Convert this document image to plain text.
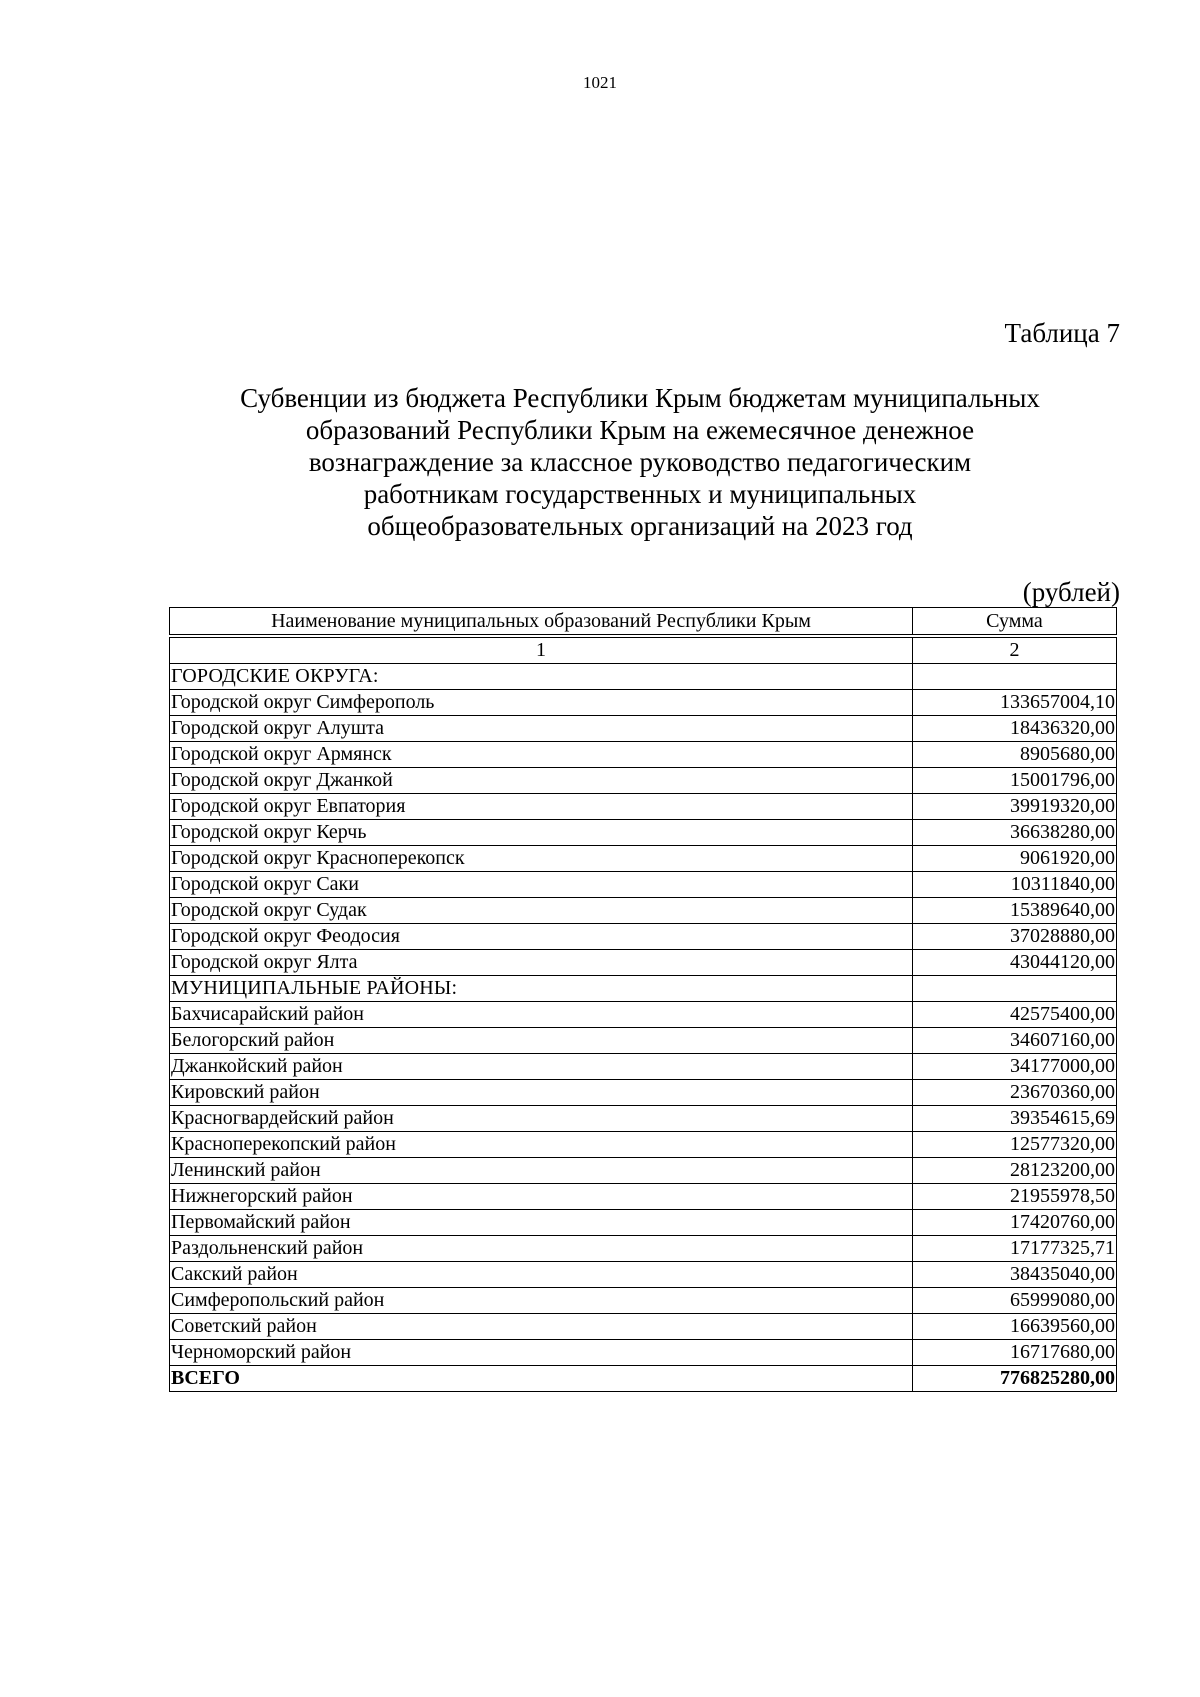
1021
Таблица 7
Субвенции из бюджета Республики Крым бюджетам муниципальных
образований Республики Крым на ежемесячное денежное
вознаграждение за классное руководство педагогическим
работникам государственных и муниципальных
общеобразовательных организаций на 2023 год
(рублей)
Наименование муниципальных образований Республики Крым	Сумма
1	2
ГОРОДСКИЕ ОКРУГА:	
Городской округ Симферополь	133657004,10
Городской округ Алушта	18436320,00
Городской округ Армянск	8905680,00
Городской округ Джанкой	15001796,00
Городской округ Евпатория	39919320,00
Городской округ Керчь	36638280,00
Городской округ Красноперекопск	9061920,00
Городской округ Саки	10311840,00
Городской округ Судак	15389640,00
Городской округ Феодосия	37028880,00
Городской округ Ялта	43044120,00
МУНИЦИПАЛЬНЫЕ РАЙОНЫ:	
Бахчисарайский район	42575400,00
Белогорский район	34607160,00
Джанкойский район	34177000,00
Кировский район	23670360,00
Красногвардейский район	39354615,69
Красноперекопский район	12577320,00
Ленинский район	28123200,00
Нижнегорский район	21955978,50
Первомайский район	17420760,00
Раздольненский район	17177325,71
Сакский район	38435040,00
Симферопольский район	65999080,00
Советский район	16639560,00
Черноморский район	16717680,00
ВСЕГО	776825280,00
